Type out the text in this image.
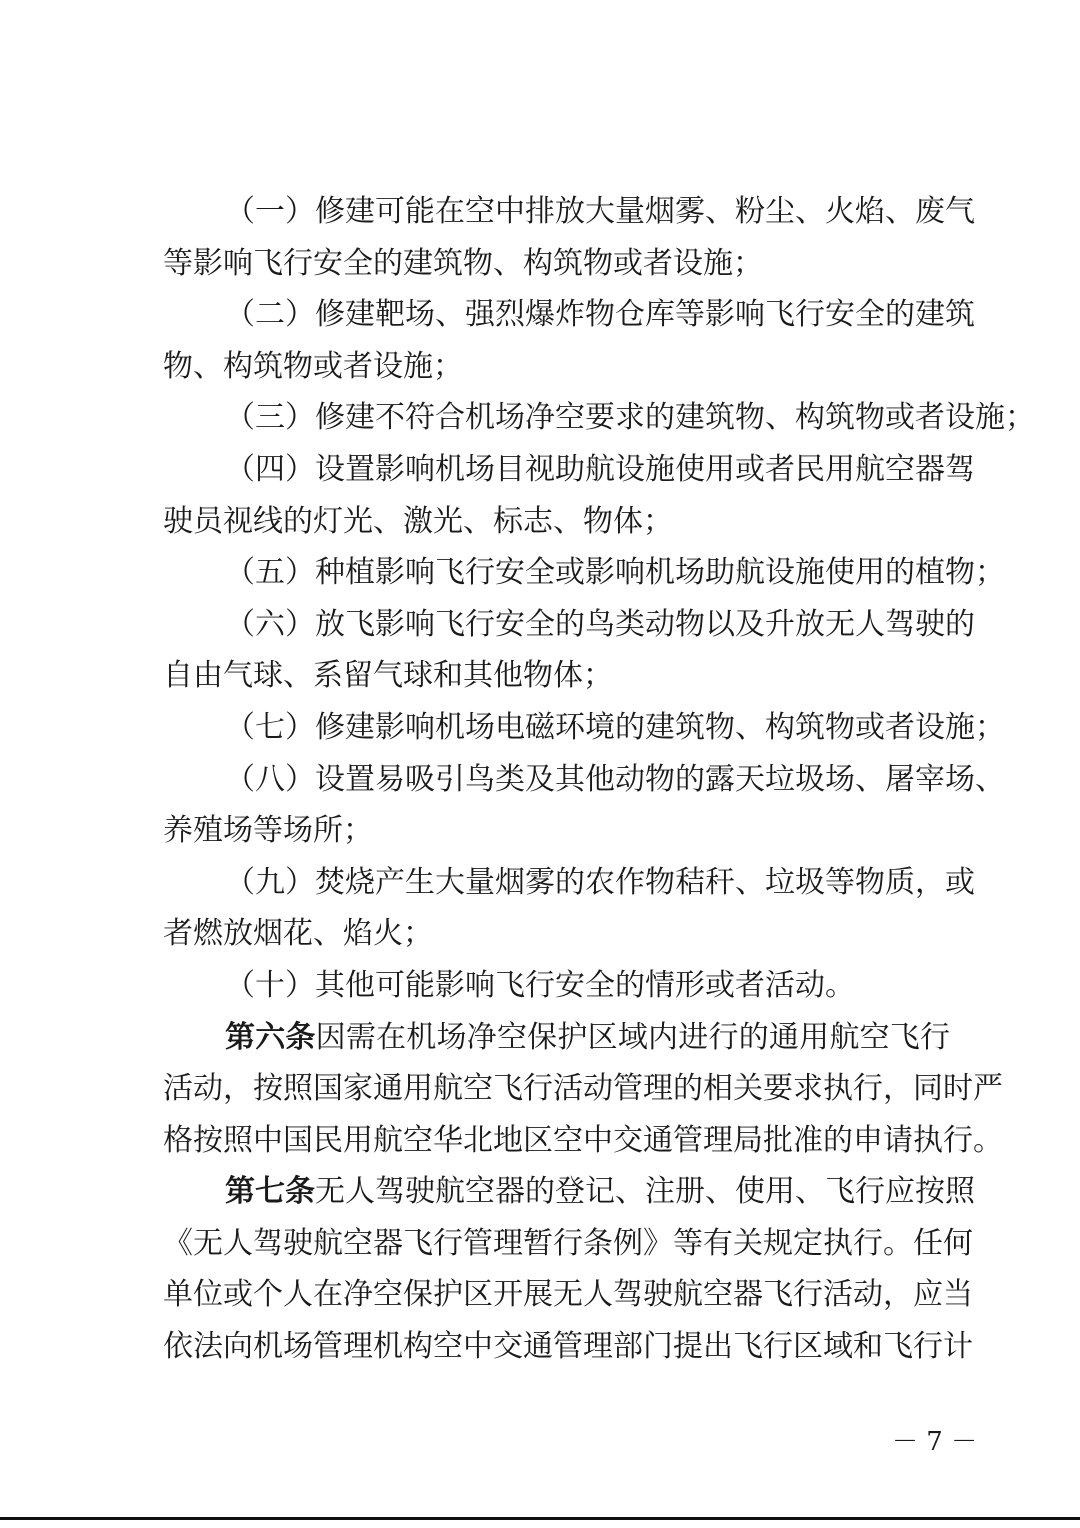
（一）修建可能在空中排放大量烟雾、粉尘、火焰、废气
等影响飞行安全的建筑物、构筑物或者设施；
（二）修建靶场、强烈爆炸物仓库等影响飞行安全的建筑
物、构筑物或者设施；
（三）修建不符合机场净空要求的建筑物、构筑物或者设施；
（四）设置影响机场目视助航设施使用或者民用航空器驾
驶员视线的灯光、激光、标志、物体；
（五）种植影响飞行安全或影响机场助航设施使用的植物；
（六）放飞影响飞行安全的鸟类动物以及升放无人驾驶的
自由气球、系留气球和其他物体；
（七）修建影响机场电磁环境的建筑物、构筑物或者设施；
（八）设置易吸引鸟类及其他动物的露天垃圾场、屠宰场、
养殖场等场所；
（九）焚烧产生大量烟雾的农作物秸秆、垃圾等物质，或
者燃放烟花、焰火；
（十）其他可能影响飞行安全的情形或者活动。
第六条因需在机场净空保护区域内进行的通用航空飞行
活动，按照国家通用航空飞行活动管理的相关要求执行，同时严
格按照中国民用航空华北地区空中交通管理局批准的申请执行。
第七条无人驾驶航空器的登记、注册、使用、飞行应按照
《无人驾驶航空器飞行管理暂行条例》等有关规定执行。任何
单位或个人在净空保护区开展无人驾驶航空器飞行活动，应当
依法向机场管理机构空中交通管理部门提出飞行区域和飞行计
－ 7 －
